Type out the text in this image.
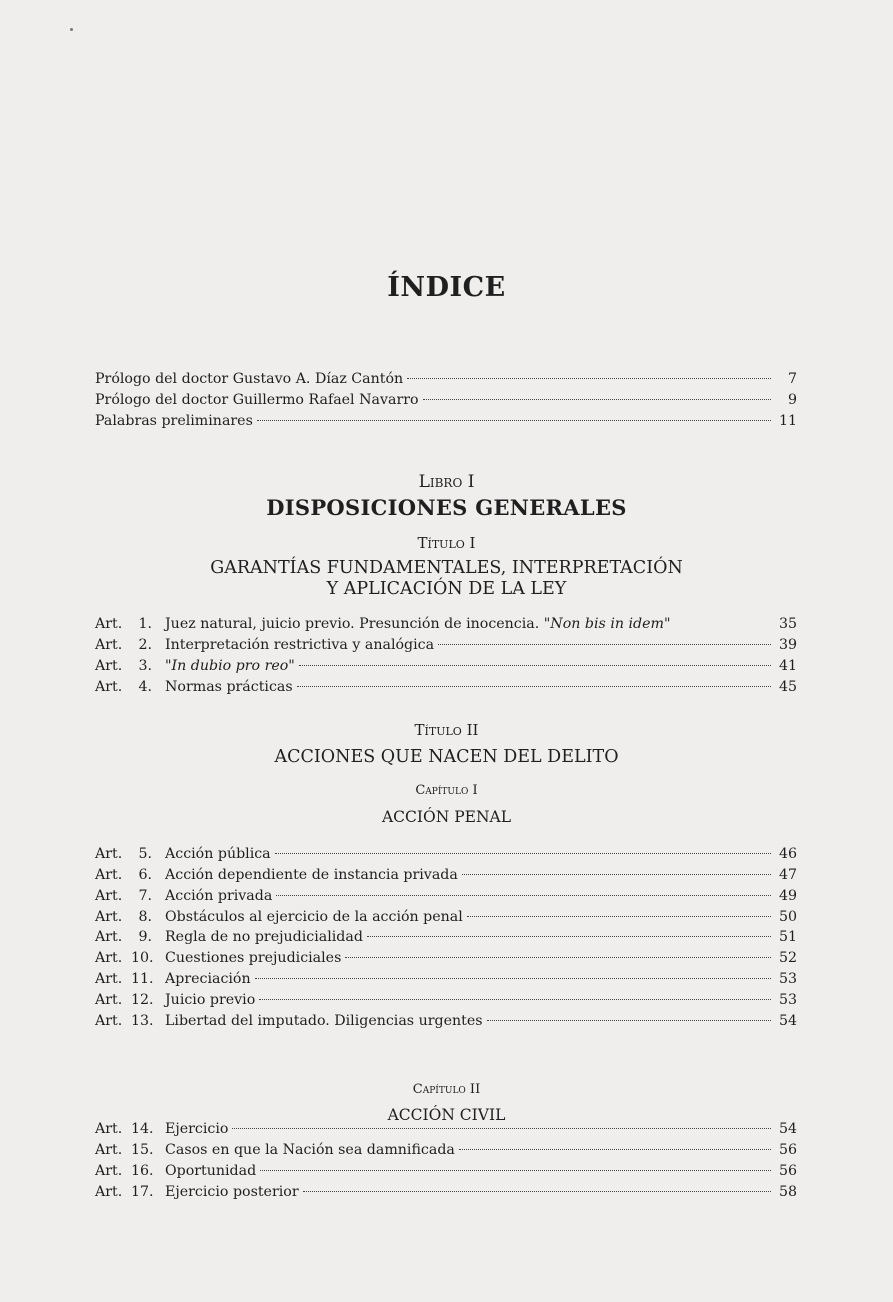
ÍNDICE
Prólogo del doctor Gustavo A. Díaz Cantón	7
Prólogo del doctor Guillermo Rafael Navarro	9
Palabras preliminares	11
Libro I
DISPOSICIONES GENERALES
Título I
GARANTÍAS FUNDAMENTALES, INTERPRETACIÓN
Y APLICACIÓN DE LA LEY
Art.	1. Juez natural, juicio previo. Presunción de inocencia. "Non bis in idem"	35
Art.	2. Interpretación restrictiva y analógica	39
Art.	3. "In dubio pro reo"	41
Art.	4. Normas prácticas	45
Título II
ACCIONES QUE NACEN DEL DELITO
Capítulo I
ACCIÓN PENAL
Art.	5. Acción pública	46
Art.	6. Acción dependiente de instancia privada	47
Art.	7. Acción privada	49
Art.	8. Obstáculos al ejercicio de la acción penal	50
Art.	9. Regla de no prejudicialidad	51
Art. 10. Cuestiones prejudiciales	52
Art. 11. Apreciación	53
Art. 12. Juicio previo	53
Art. 13. Libertad del imputado. Diligencias urgentes	54
Capítulo II
ACCIÓN CIVIL
Art. 14. Ejercicio	54
Art. 15. Casos en que la Nación sea damnificada	56
Art. 16. Oportunidad	56
Art. 17. Ejercicio posterior	58
